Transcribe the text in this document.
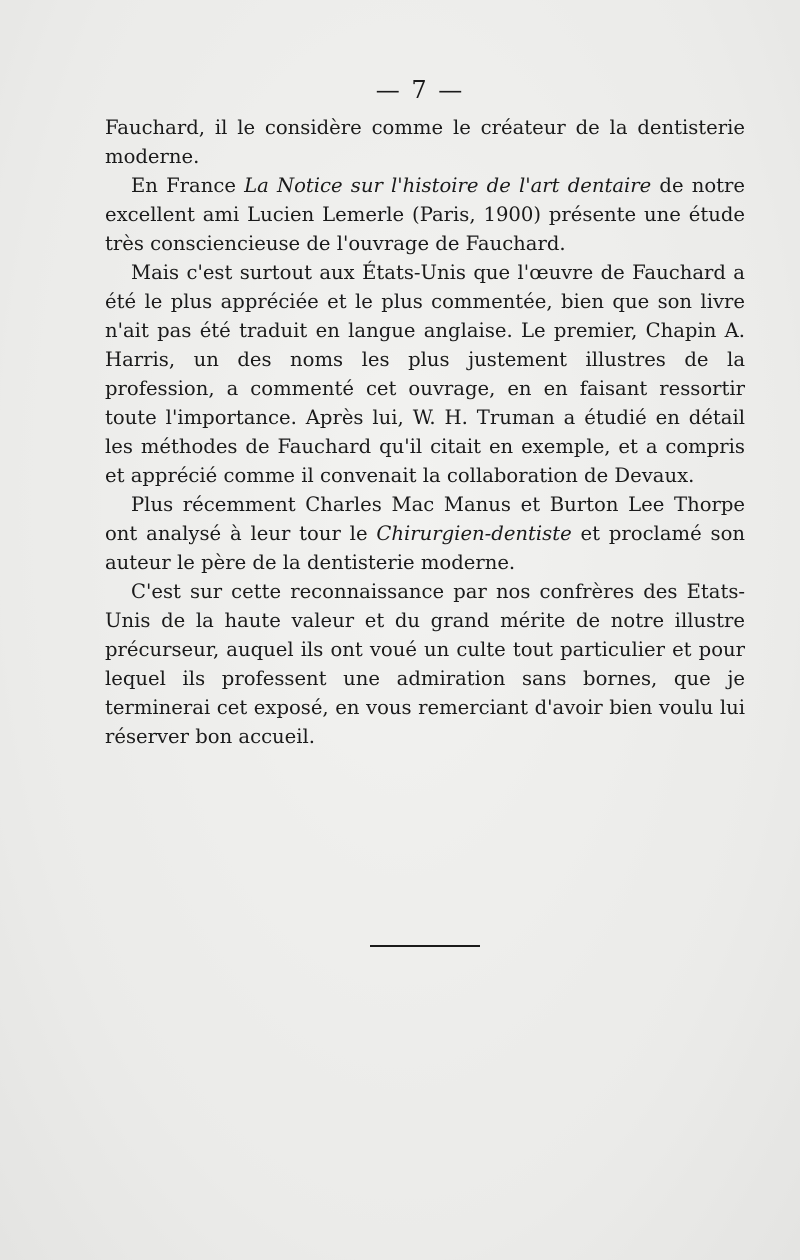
— 7 —

Fauchard, il le considère comme le créateur de la dentisterie moderne.

En France La Notice sur l'histoire de l'art dentaire de notre excellent ami Lucien Lemerle (Paris, 1900) présente une étude très consciencieuse de l'ouvrage de Fauchard.

Mais c'est surtout aux États-Unis que l'œuvre de Fauchard a été le plus appréciée et le plus commentée, bien que son livre n'ait pas été traduit en langue anglaise. Le premier, Chapin A. Harris, un des noms les plus justement illustres de la profession, a commenté cet ouvrage, en en faisant ressortir toute l'importance. Après lui, W. H. Truman a étudié en détail les méthodes de Fauchard qu'il citait en exemple, et a compris et apprécié comme il convenait la collaboration de Devaux.

Plus récemment Charles Mac Manus et Burton Lee Thorpe ont analysé à leur tour le Chirurgien-dentiste et proclamé son auteur le père de la dentisterie moderne.

C'est sur cette reconnaissance par nos confrères des Etats-Unis de la haute valeur et du grand mérite de notre illustre précurseur, auquel ils ont voué un culte tout particulier et pour lequel ils professent une admiration sans bornes, que je terminerai cet exposé, en vous remerciant d'avoir bien voulu lui réserver bon accueil.
